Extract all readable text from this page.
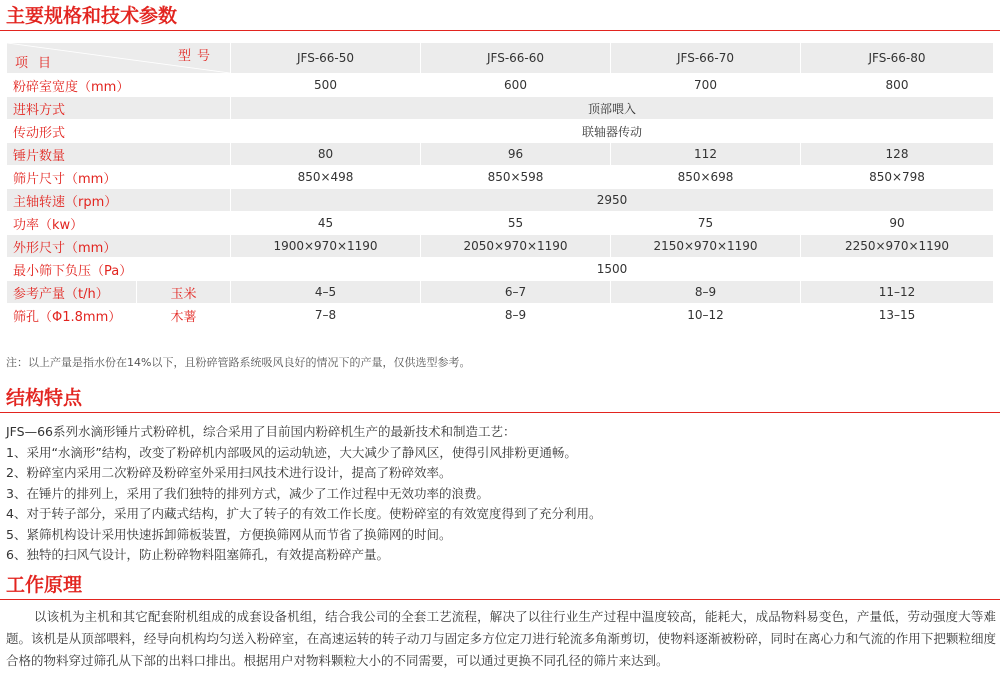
主要规格和技术参数
型号
项目		JFS-66-50	JFS-66-60	JFS-66-70	JFS-66-80
粉碎室宽度（mm）		500	600	700	800
进料方式		顶部喂入			
传动形式		联轴器传动			
锤片数量		80	96	112	128
筛片尺寸（mm）		850×498	850×598	850×698	850×798
主轴转速（rpm）		2950			
功率（kw）		45	55	75	90
外形尺寸（mm）		1900×970×1190	2050×970×1190	2150×970×1190	2250×970×1190
最小筛下负压（Pa）		1500			
参考产量（t/h）	玉米	4–5	6–7	8–9	11–12
筛孔（Φ1.8mm）	木薯	7–8	8–9	10–12	13–15

注：以上产量是指水份在14%以下，且粉碎管路系统吸风良好的情况下的产量，仅供选型参考。

结构特点
JFS—66系列水滴形锤片式粉碎机，综合采用了目前国内粉碎机生产的最新技术和制造工艺：
1、采用“水滴形”结构，改变了粉碎机内部吸风的运动轨迹，大大减少了静风区，使得引风排粉更通畅。
2、粉碎室内采用二次粉碎及粉碎室外采用扫风技术进行设计，提高了粉碎效率。
3、在锤片的排列上，采用了我们独特的排列方式，减少了工作过程中无效功率的浪费。
4、对于转子部分，采用了内藏式结构，扩大了转子的有效工作长度。使粉碎室的有效宽度得到了充分利用。
5、紧筛机构设计采用快速拆卸筛板装置，方便换筛网从而节省了换筛网的时间。
6、独特的扫风气设计，防止粉碎物料阻塞筛孔，有效提高粉碎产量。
工作原理

以该机为主机和其它配套附机组成的成套设备机组，结合我公司的全套工艺流程，解决了以往行业生产过程中温度较高，能耗大，成品物料易变色，产量低，劳动强度大等难题。该机是从顶部喂料，经导向机构均匀送入粉碎室，在高速运转的转子动刀与固定多方位定刀进行轮流多角渐剪切，使物料逐渐被粉碎，同时在离心力和气流的作用下把颗粒细度合格的物料穿过筛孔从下部的出料口排出。根据用户对物料颗粒大小的不同需要，可以通过更换不同孔径的筛片来达到。
